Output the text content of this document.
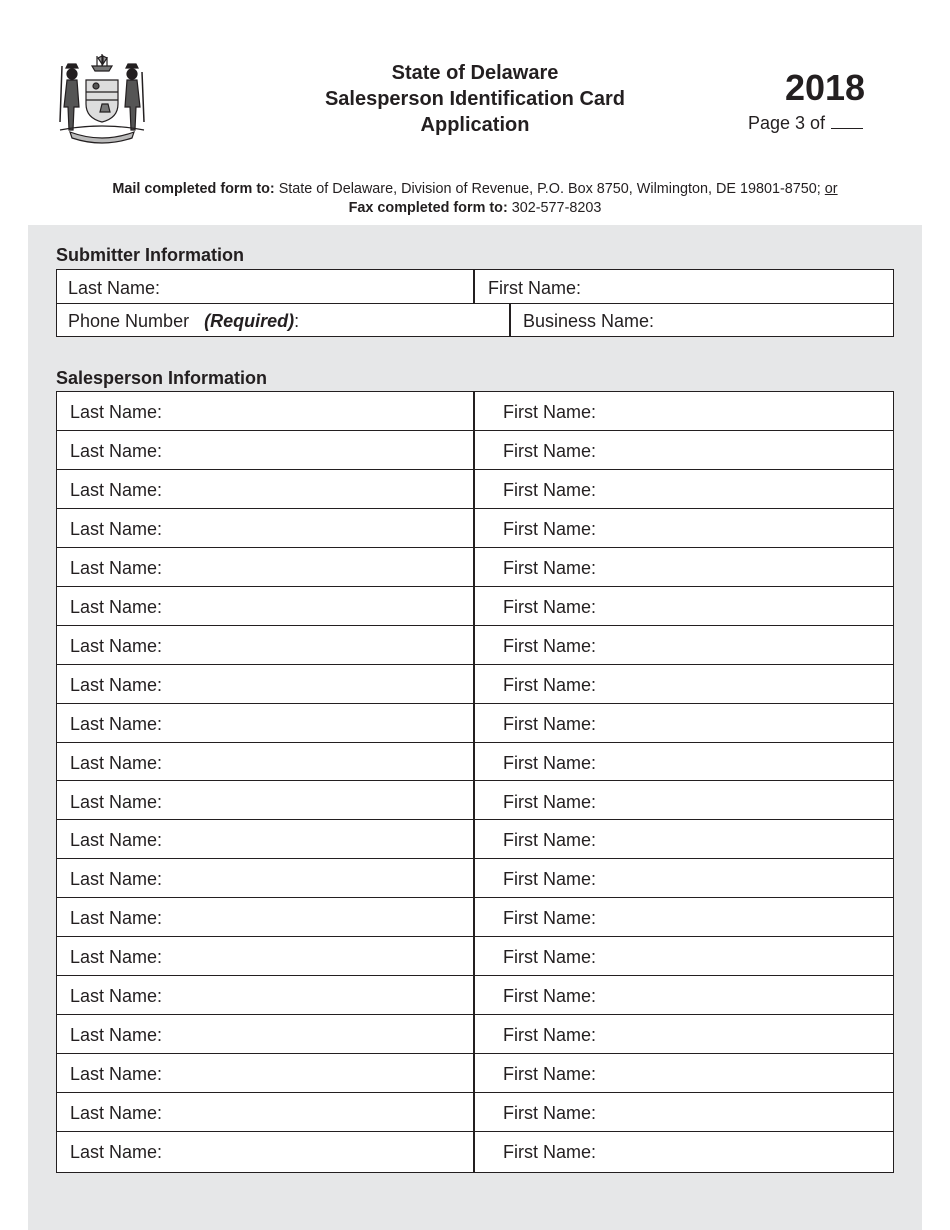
State of Delaware
Salesperson Identification Card
Application
2018
Page 3 of
Mail completed form to: State of Delaware, Division of Revenue, P.O. Box 8750, Wilmington, DE 19801-8750; or
Fax completed form to: 302-577-8203
Submitter Information
Last Name:	First Name:
Phone Number (Required):	Business Name:
Salesperson Information
Last Name:	First Name:
Last Name:	First Name:
Last Name:	First Name:
Last Name:	First Name:
Last Name:	First Name:
Last Name:	First Name:
Last Name:	First Name:
Last Name:	First Name:
Last Name:	First Name:
Last Name:	First Name:
Last Name:	First Name:
Last Name:	First Name:
Last Name:	First Name:
Last Name:	First Name:
Last Name:	First Name:
Last Name:	First Name:
Last Name:	First Name:
Last Name:	First Name:
Last Name:	First Name:
Last Name:	First Name:
